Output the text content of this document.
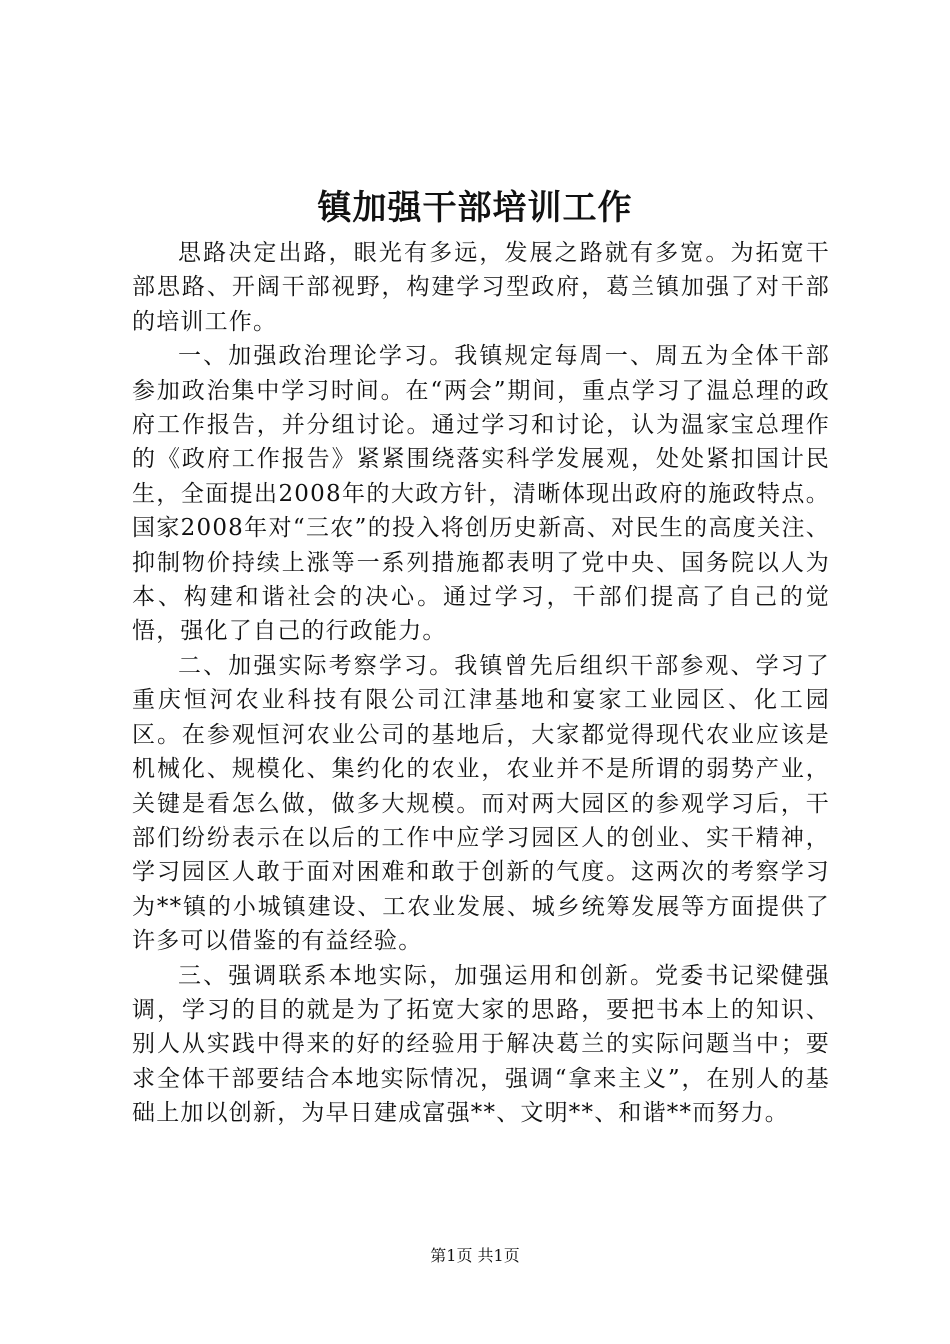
镇加强干部培训工作

思路决定出路，眼光有多远，发展之路就有多宽。为拓宽干部思路、开阔干部视野，构建学习型政府，葛兰镇加强了对干部的培训工作。

一、加强政治理论学习。我镇规定每周一、周五为全体干部参加政治集中学习时间。在“两会”期间，重点学习了温总理的政府工作报告，并分组讨论。通过学习和讨论，认为温家宝总理作的《政府工作报告》紧紧围绕落实科学发展观，处处紧扣国计民生，全面提出2008年的大政方针，清晰体现出政府的施政特点。国家2008年对“三农”的投入将创历史新高、对民生的高度关注、抑制物价持续上涨等一系列措施都表明了党中央、国务院以人为本、构建和谐社会的决心。通过学习，干部们提高了自己的觉悟，强化了自己的行政能力。

二、加强实际考察学习。我镇曾先后组织干部参观、学习了重庆恒河农业科技有限公司江津基地和宴家工业园区、化工园区。在参观恒河农业公司的基地后，大家都觉得现代农业应该是机械化、规模化、集约化的农业，农业并不是所谓的弱势产业，关键是看怎么做，做多大规模。而对两大园区的参观学习后，干部们纷纷表示在以后的工作中应学习园区人的创业、实干精神，学习园区人敢于面对困难和敢于创新的气度。这两次的考察学习为**镇的小城镇建设、工农业发展、城乡统筹发展等方面提供了许多可以借鉴的有益经验。

三、强调联系本地实际，加强运用和创新。党委书记梁健强调，学习的目的就是为了拓宽大家的思路，要把书本上的知识、别人从实践中得来的好的经验用于解决葛兰的实际问题当中；要求全体干部要结合本地实际情况，强调“拿来主义”，在别人的基础上加以创新，为早日建成富强**、文明**、和谐**而努力。

第1页 共1页
